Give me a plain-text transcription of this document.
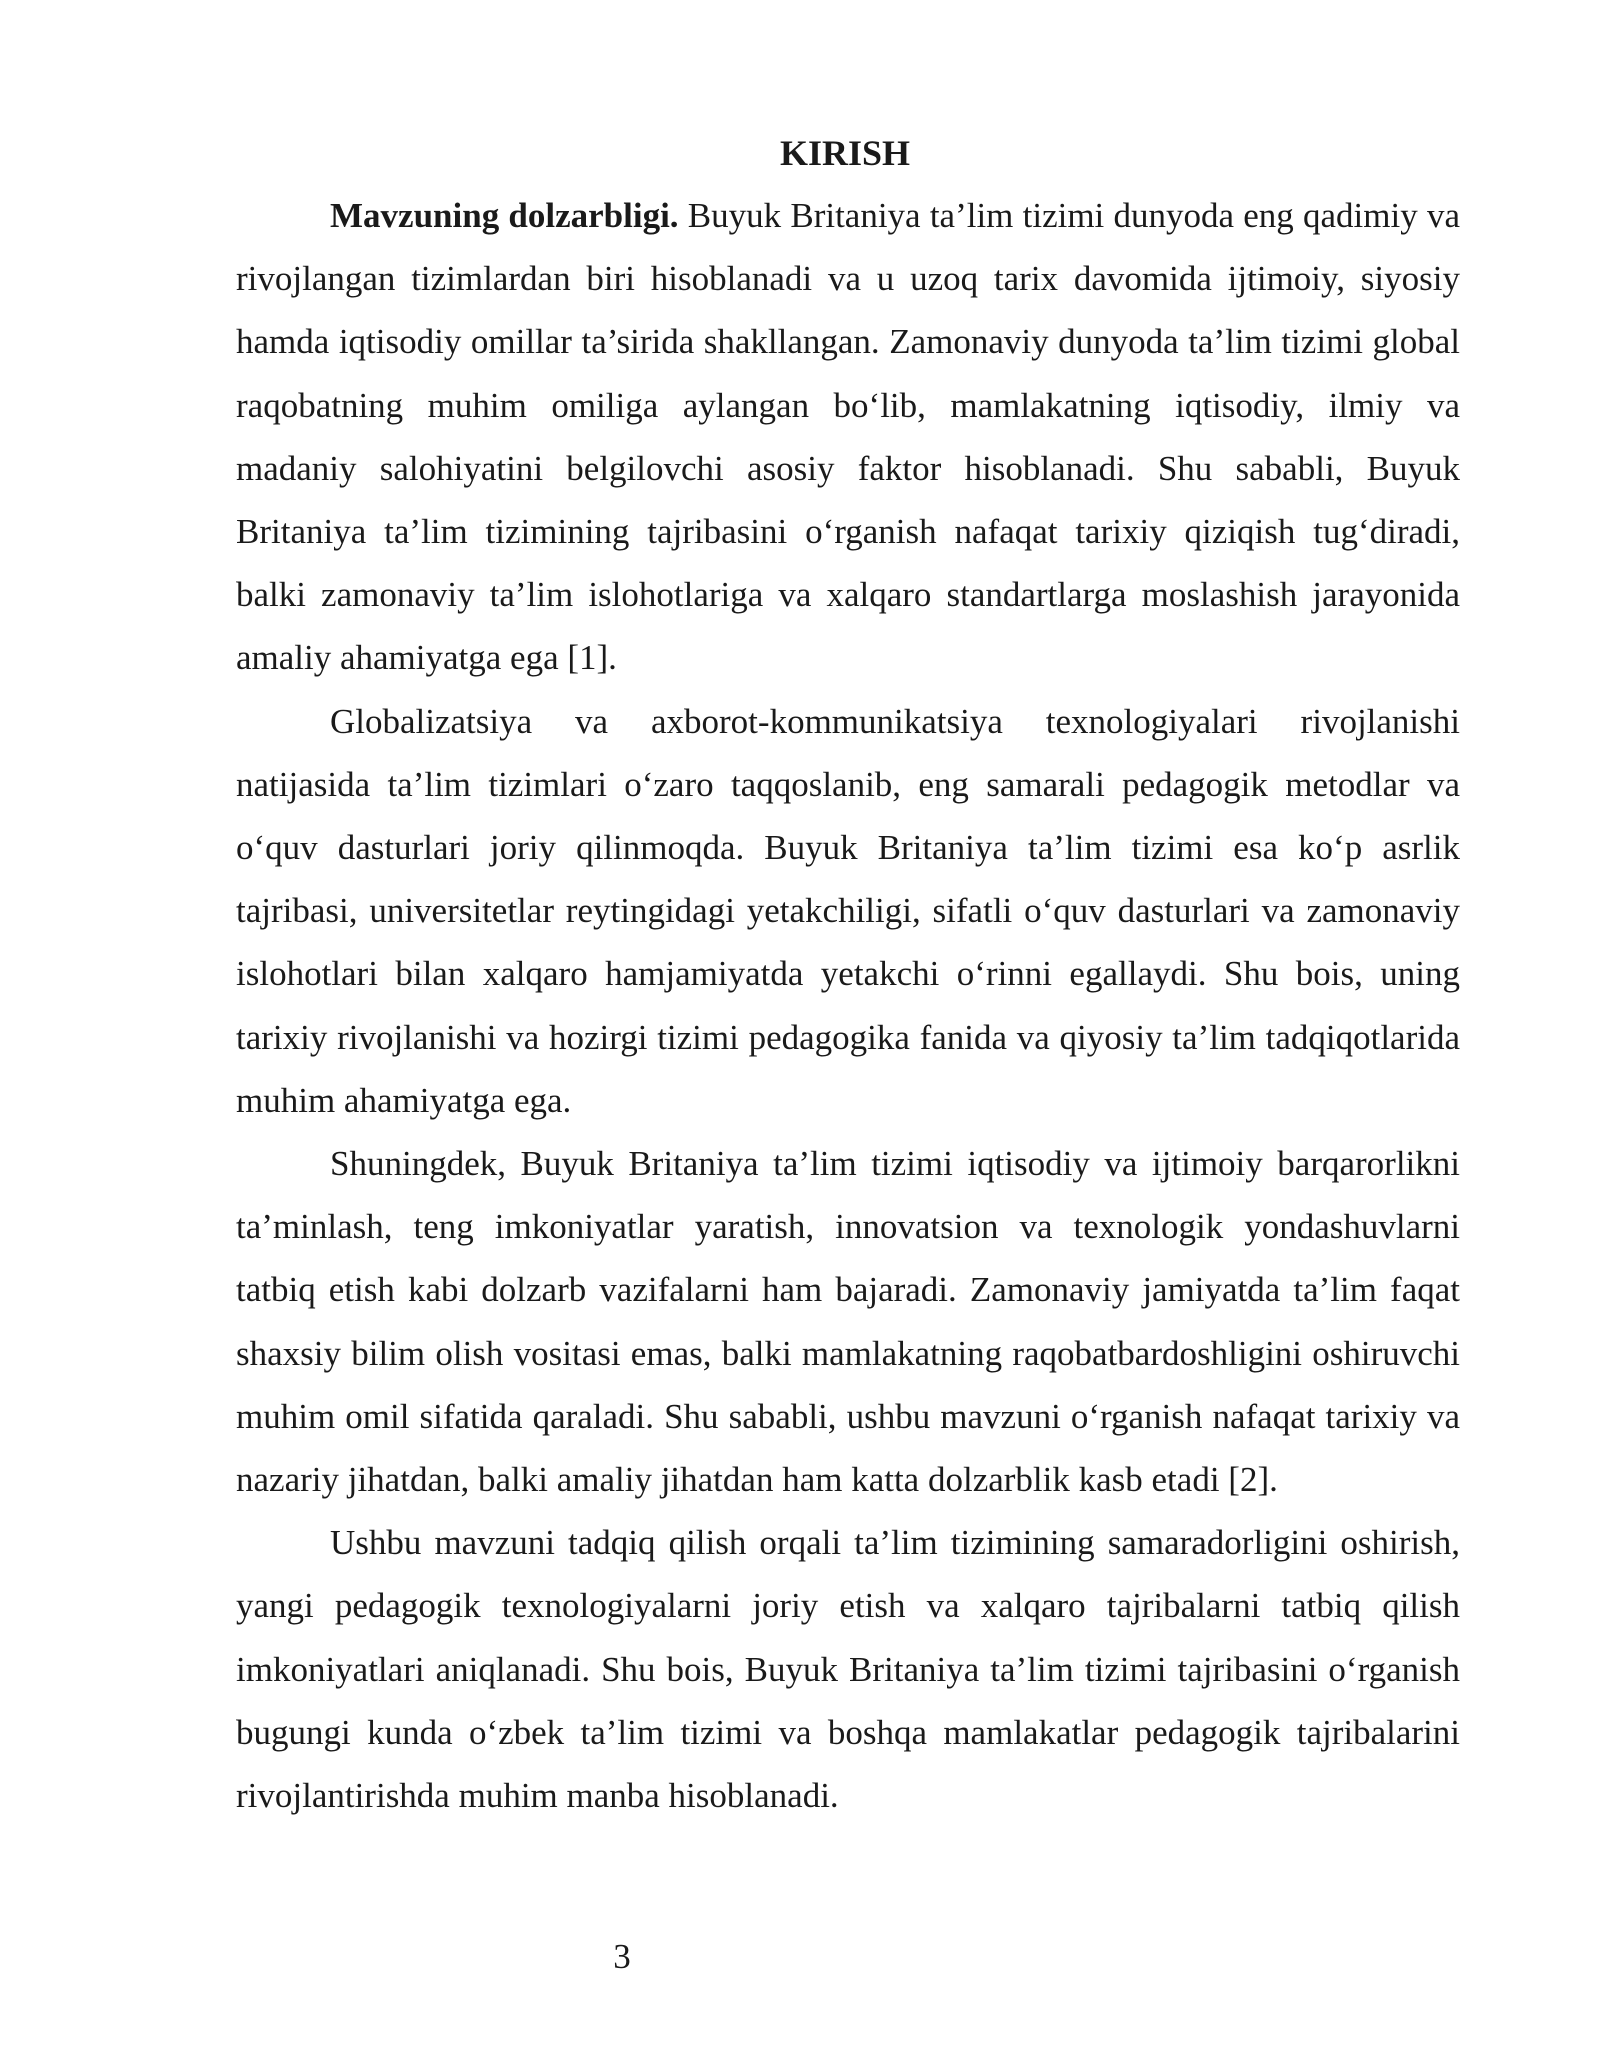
KIRISH

Mavzuning dolzarbligi. Buyuk Britaniya ta’lim tizimi dunyoda eng qadimiy va rivojlangan tizimlardan biri hisoblanadi va u uzoq tarix davomida ijtimoiy, siyosiy hamda iqtisodiy omillar ta’sirida shakllangan. Zamonaviy dunyoda ta’lim tizimi global raqobatning muhim omiliga aylangan bo‘lib, mamlakatning iqtisodiy, ilmiy va madaniy salohiyatini belgilovchi asosiy faktor hisoblanadi. Shu sababli, Buyuk Britaniya ta’lim tizimining tajribasini o‘rganish nafaqat tarixiy qiziqish tug‘diradi, balki zamonaviy ta’lim islohotlariga va xalqaro standartlarga moslashish jarayonida amaliy ahamiyatga ega [1].

Globalizatsiya va axborot-kommunikatsiya texnologiyalari rivojlanishi natijasida ta’lim tizimlari o‘zaro taqqoslanib, eng samarali pedagogik metodlar va o‘quv dasturlari joriy qilinmoqda. Buyuk Britaniya ta’lim tizimi esa ko‘p asrlik tajribasi, universitetlar reytingidagi yetakchiligi, sifatli o‘quv dasturlari va zamonaviy islohotlari bilan xalqaro hamjamiyatda yetakchi o‘rinni egallaydi. Shu bois, uning tarixiy rivojlanishi va hozirgi tizimi pedagogika fanida va qiyosiy ta’lim tadqiqotlarida muhim ahamiyatga ega.

Shuningdek, Buyuk Britaniya ta’lim tizimi iqtisodiy va ijtimoiy barqarorlikni ta’minlash, teng imkoniyatlar yaratish, innovatsion va texnologik yondashuvlarni tatbiq etish kabi dolzarb vazifalarni ham bajaradi. Zamonaviy jamiyatda ta’lim faqat shaxsiy bilim olish vositasi emas, balki mamlakatning raqobatbardoshligini oshiruvchi muhim omil sifatida qaraladi. Shu sababli, ushbu mavzuni o‘rganish nafaqat tarixiy va nazariy jihatdan, balki amaliy jihatdan ham katta dolzarblik kasb etadi [2].

Ushbu mavzuni tadqiq qilish orqali ta’lim tizimining samaradorligini oshirish, yangi pedagogik texnologiyalarni joriy etish va xalqaro tajribalarni tatbiq qilish imkoniyatlari aniqlanadi. Shu bois, Buyuk Britaniya ta’lim tizimi tajribasini o‘rganish bugungi kunda o‘zbek ta’lim tizimi va boshqa mamlakatlar pedagogik tajribalarini rivojlantirishda muhim manba hisoblanadi.

3
